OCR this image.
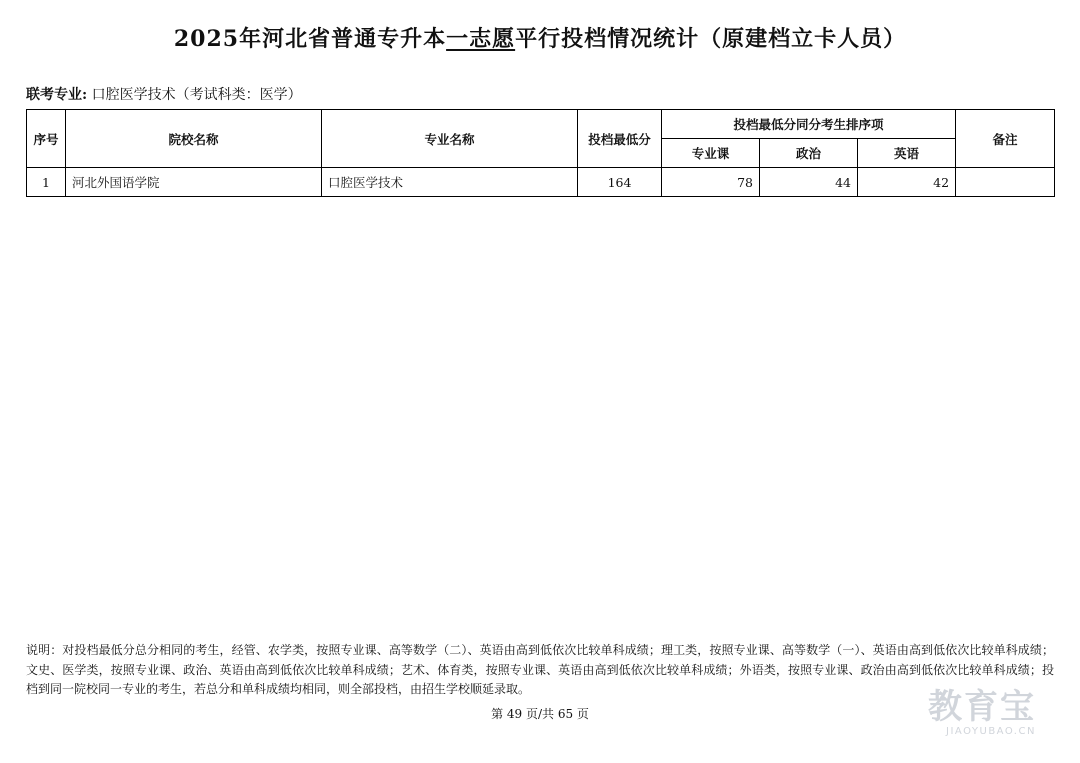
2025年河北省普通专升本一志愿平行投档情况统计（原建档立卡人员）
联考专业: 口腔医学技术（考试科类：医学）
序号	院校名称	专业名称	投档最低分	投档最低分同分考生排序项			备注
				专业课	政治	英语	
1	河北外国语学院	口腔医学技术	164	78	44	42	
说明：对投档最低分总分相同的考生，经管、农学类，按照专业课、高等数学（二）、英语由高到低依次比较单科成绩；理工类，按照专业课、高等数学（一）、英语由高到低依次比较单科成绩；文史、医学类，按照专业课、政治、英语由高到低依次比较单科成绩；艺术、体育类，按照专业课、英语由高到低依次比较单科成绩；外语类，按照专业课、政治由高到低依次比较单科成绩；投档到同一院校同一专业的考生，若总分和单科成绩均相同，则全部投档，由招生学校顺延录取。
第 49 页/共 65 页	教育宝
JIAOYUBAO.CN
